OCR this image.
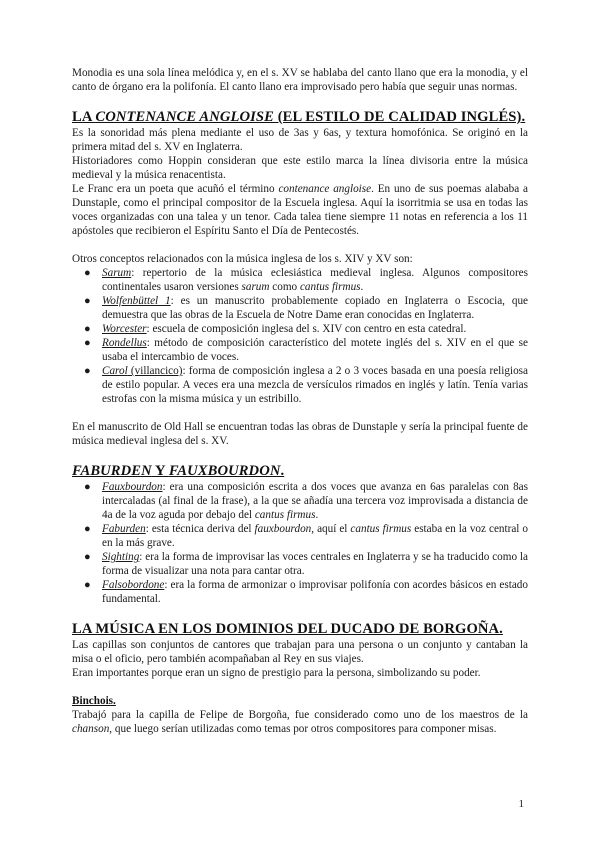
Monodia es una sola línea melódica y, en el s. XV se hablaba del canto llano que era la monodia, y el canto de órgano era la polifonía. El canto llano era improvisado pero había que seguir unas normas.

LA CONTENANCE ANGLOISE (EL ESTILO DE CALIDAD INGLÉS).

Es la sonoridad más plena mediante el uso de 3as y 6as, y textura homofónica. Se originó en la primera mitad del s. XV en Inglaterra.

Historiadores como Hoppin consideran que este estilo marca la línea divisoria entre la música medieval y la música renacentista.

Le Franc era un poeta que acuñó el término contenance angloise. En uno de sus poemas alababa a Dunstaple, como el principal compositor de la Escuela inglesa. Aquí la isorritmia se usa en todas las voces organizadas con una talea y un tenor. Cada talea tiene siempre 11 notas en referencia a los 11 apóstoles que recibieron el Espíritu Santo el Día de Pentecostés.

Otros conceptos relacionados con la música inglesa de los s. XIV y XV son:

● Sarum: repertorio de la música eclesiástica medieval inglesa. Algunos compositores continentales usaron versiones sarum como cantus firmus.
● Wolfenbüttel 1: es un manuscrito probablemente copiado en Inglaterra o Escocia, que demuestra que las obras de la Escuela de Notre Dame eran conocidas en Inglaterra.
● Worcester: escuela de composición inglesa del s. XIV con centro en esta catedral.
● Rondellus: método de composición característico del motete inglés del s. XIV en el que se usaba el intercambio de voces.
● Carol (villancico): forma de composición inglesa a 2 o 3 voces basada en una poesía religiosa de estilo popular. A veces era una mezcla de versículos rimados en inglés y latín. Tenía varias estrofas con la misma música y un estribillo.

En el manuscrito de Old Hall se encuentran todas las obras de Dunstaple y sería la principal fuente de música medieval inglesa del s. XV.

FABURDEN Y FAUXBOURDON.
● Fauxbourdon: era una composición escrita a dos voces que avanza en 6as paralelas con 8as intercaladas (al final de la frase), a la que se añadía una tercera voz improvisada a distancia de 4a de la voz aguda por debajo del cantus firmus.
● Faburden: esta técnica deriva del fauxbourdon, aquí el cantus firmus estaba en la voz central o en la más grave.
● Sighting: era la forma de improvisar las voces centrales en Inglaterra y se ha traducido como la forma de visualizar una nota para cantar otra.
● Falsobordone: era la forma de armonizar o improvisar polifonía con acordes básicos en estado fundamental.
LA MÚSICA EN LOS DOMINIOS DEL DUCADO DE BORGOÑA.

Las capillas son conjuntos de cantores que trabajan para una persona o un conjunto y cantaban la misa o el oficio, pero también acompañaban al Rey en sus viajes.

Eran importantes porque eran un signo de prestigio para la persona, simbolizando su poder.

Binchois.

Trabajó para la capilla de Felipe de Borgoña, fue considerado como uno de los maestros de la chanson, que luego serían utilizadas como temas por otros compositores para componer misas.

1
